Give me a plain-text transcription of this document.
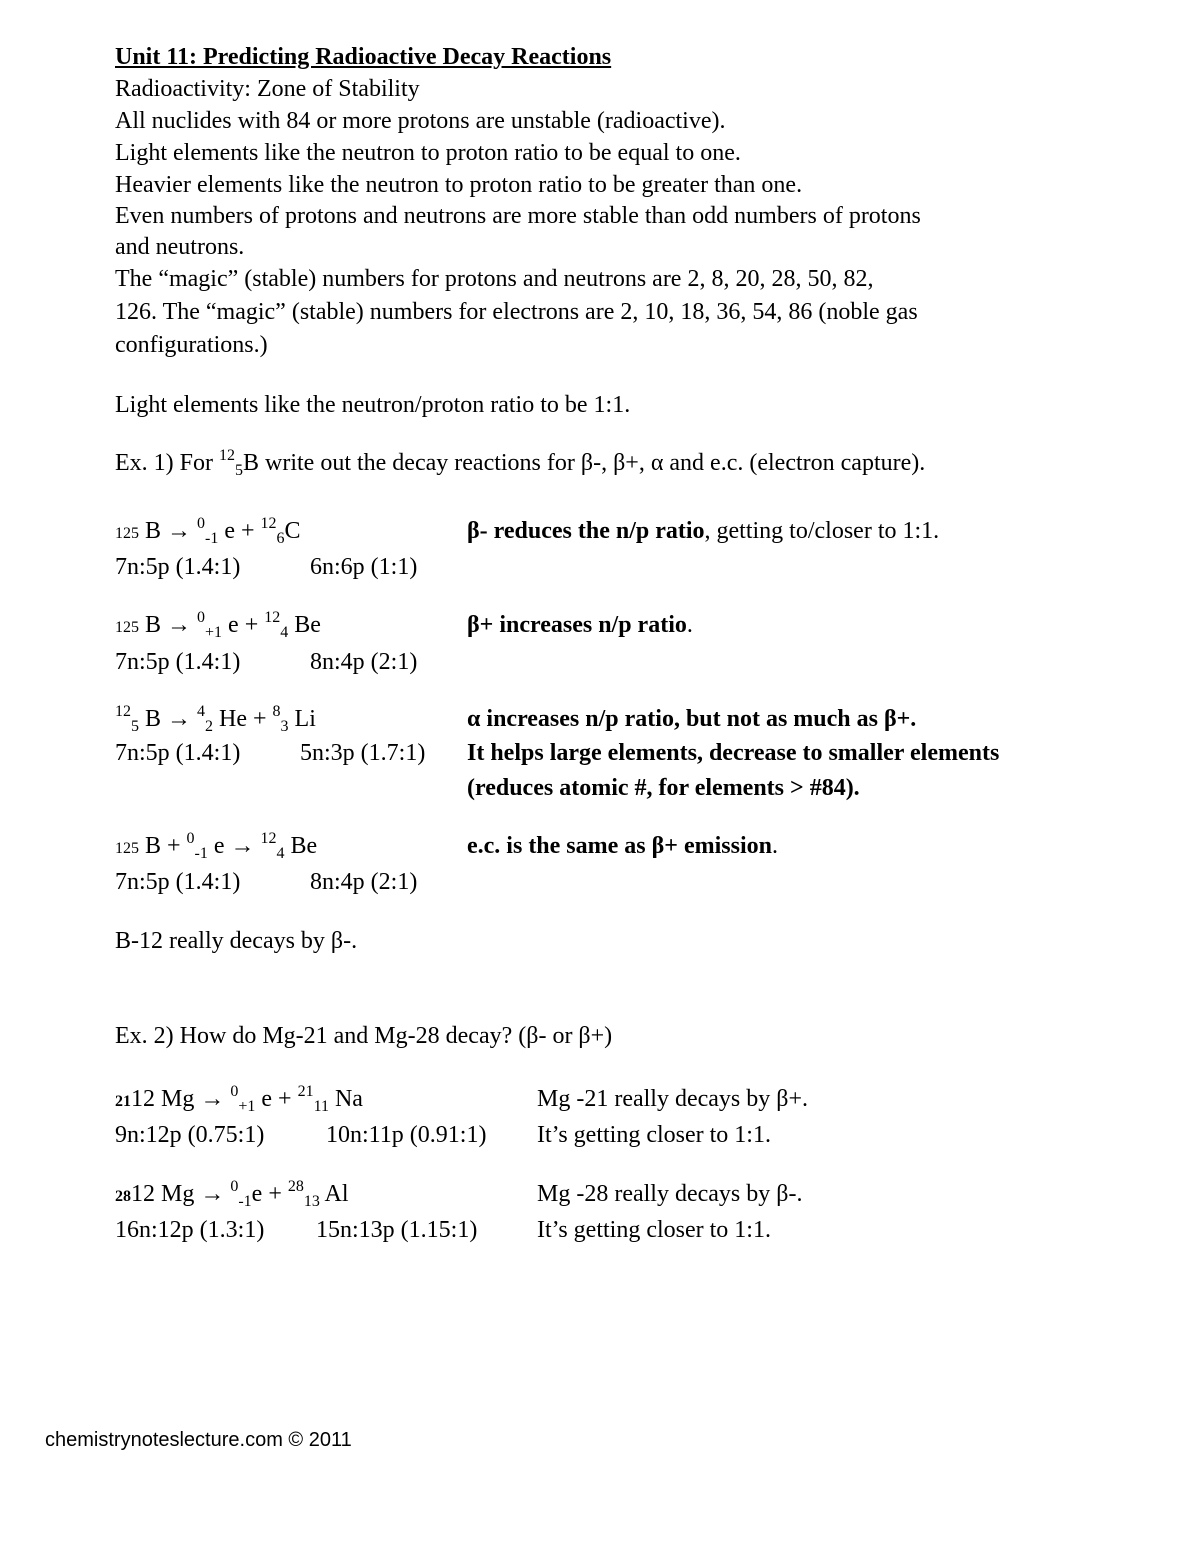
Unit 11: Predicting Radioactive Decay Reactions
Radioactivity: Zone of Stability
All nuclides with 84 or more protons are unstable (radioactive).
Light elements like the neutron to proton ratio to be equal to one.
Heavier elements like the neutron to proton ratio to be greater than one.
Even numbers of protons and neutrons are more stable than odd numbers of protons
and neutrons.
The “magic” (stable) numbers for protons and neutrons are 2, 8, 20, 28, 50, 82,
126. The “magic” (stable) numbers for electrons are 2, 10, 18, 36, 54, 86 (noble gas
configurations.)
Light elements like the neutron/proton ratio to be 1:1.
Ex. 1) For $^{12}_5$B write out the decay reactions for β-, β+, α and e.c. (electron capture).
125 B → $^0_{-1}$ e + $^{12}_6$C	β- reduces the n/p ratio, getting to/closer to 1:1.
7n:5p (1.4:1)	6n:6p (1:1)
125 B → $^0_{+1}$ e + $^{12}_4$ Be	β+ increases n/p ratio.
7n:5p (1.4:1)	8n:4p (2:1)
$^{12}_5$ B → $^4_2$ He + $^8_3$ Li	α increases n/p ratio, but not as much as β+.
It helps large elements, decrease to smaller elements
(reduces atomic #, for elements > #84).
7n:5p (1.4:1) 5n:3p (1.7:1)
125 B + $^0_{-1}$ e → $^{12}_4$ Be	e.c. is the same as β+ emission.
7n:5p (1.4:1)	8n:4p (2:1)
B-12 really decays by β-.
Ex. 2) How do Mg-21 and Mg-28 decay? (β- or β+)
2112 Mg → $^0_{+1}$ e + $^{21}_{11}$ Na	Mg -21 really decays by β+.
9n:12p (0.75:1)	10n:11p (0.91:1) It’s getting closer to 1:1.
2812 Mg → $^0_{-1}$e + $^{28}_{13}$ Al	Mg -28 really decays by β-.
16n:12p (1.3:1) 15n:13p (1.15:1) It’s getting closer to 1:1.
chemistrynoteslecture.com © 2011
